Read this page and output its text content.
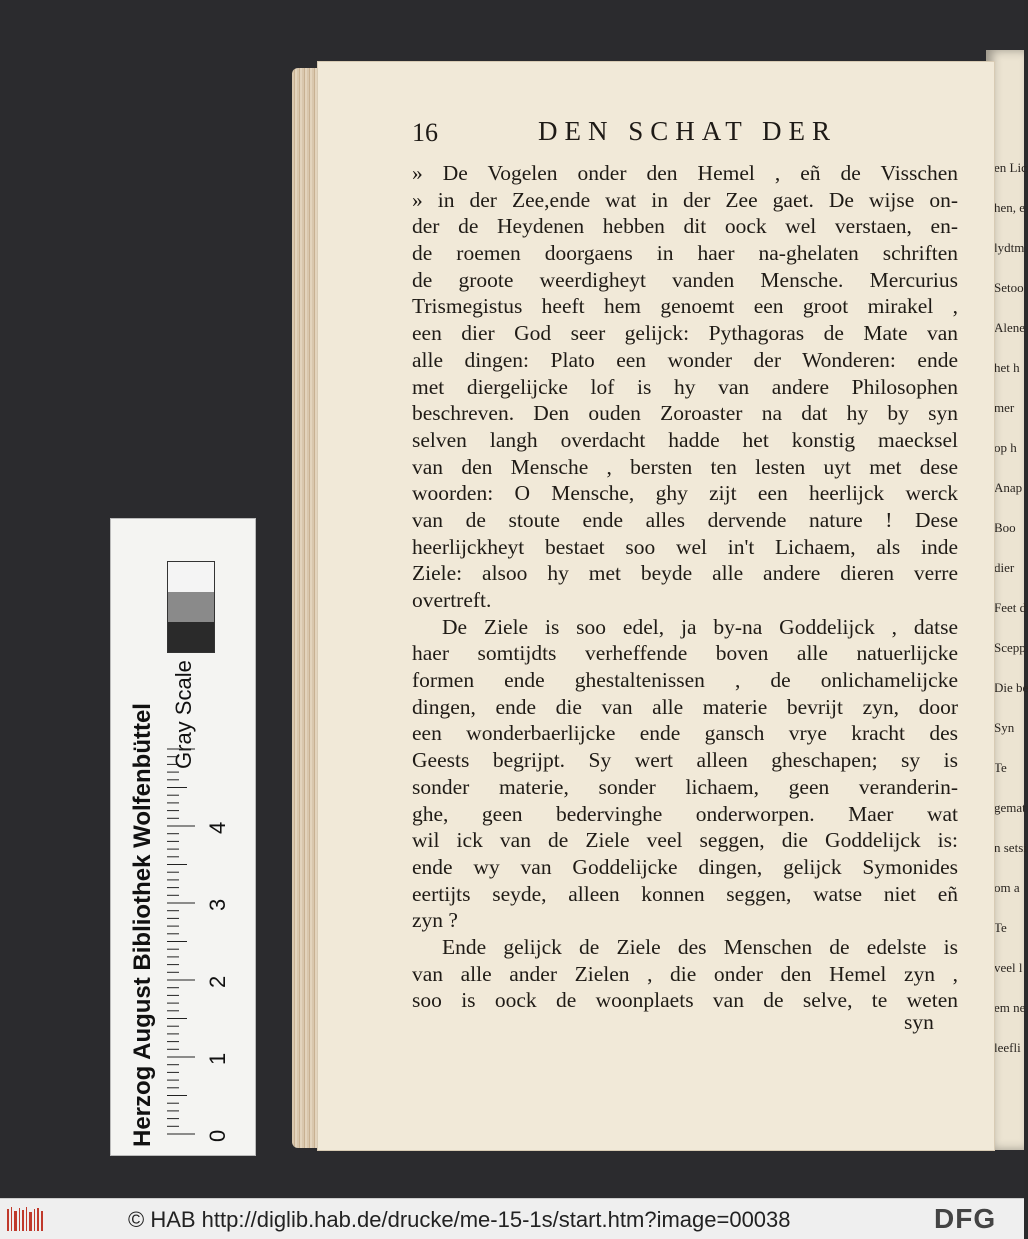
en Lic
hen, e
lydtm
Setoo
Alene
het h
mer
op h
Anap
Boo
dier
Feet d
Scepp
Die be
Syn
Te
gemat
n setsi
om a
Te
veel l
em ne
leefli
16	DEN SCHAT DER
» De Vogelen onder den Hemel , eñ de Visschen
» in der Zee,ende wat in der Zee gaet. De wijse on-
der de Heydenen hebben dit oock wel verstaen, en-
de roemen doorgaens in haer na-ghelaten schriften
de groote weerdigheyt vanden Mensche. Mercurius
Trismegistus heeft hem genoemt een groot mirakel ,
een dier God seer gelijck: Pythagoras de Mate van
alle dingen: Plato een wonder der Wonderen: ende
met diergelijcke lof is hy van andere Philosophen
beschreven. Den ouden Zoroaster na dat hy by syn
selven langh overdacht hadde het konstig maecksel
van den Mensche , bersten ten lesten uyt met dese
woorden: O Mensche, ghy zijt een heerlijck werck
van de stoute ende alles dervende nature ! Dese
heerlijckheyt bestaet soo wel in't Lichaem, als inde
Ziele: alsoo hy met beyde alle andere dieren verre
overtreft.
De Ziele is soo edel, ja by-na Goddelijck , datse
haer somtijdts verheffende boven alle natuerlijcke
formen ende ghestaltenissen , de onlichamelijcke
dingen, ende die van alle materie bevrijt zyn, door
een wonderbaerlijcke ende gansch vrye kracht des
Geests begrijpt. Sy wert alleen gheschapen; sy is
sonder materie, sonder lichaem, geen veranderin-
ghe, geen bedervinghe onderworpen. Maer wat
wil ick van de Ziele veel seggen, die Goddelijck is:
ende wy van Goddelijcke dingen, gelijck Symonides
eertijts seyde, alleen konnen seggen, watse niet eñ
zyn ?
Ende gelijck de Ziele des Menschen de edelste is
van alle ander Zielen , die onder den Hemel zyn ,
soo is oock de woonplaets van de selve, te weten
syn
Herzog August Bibliothek Wolfenbüttel Gray Scale
0
1
2
3
4
© HAB http://diglib.hab.de/drucke/me-15-1s/start.htm?image=00038	DFG
